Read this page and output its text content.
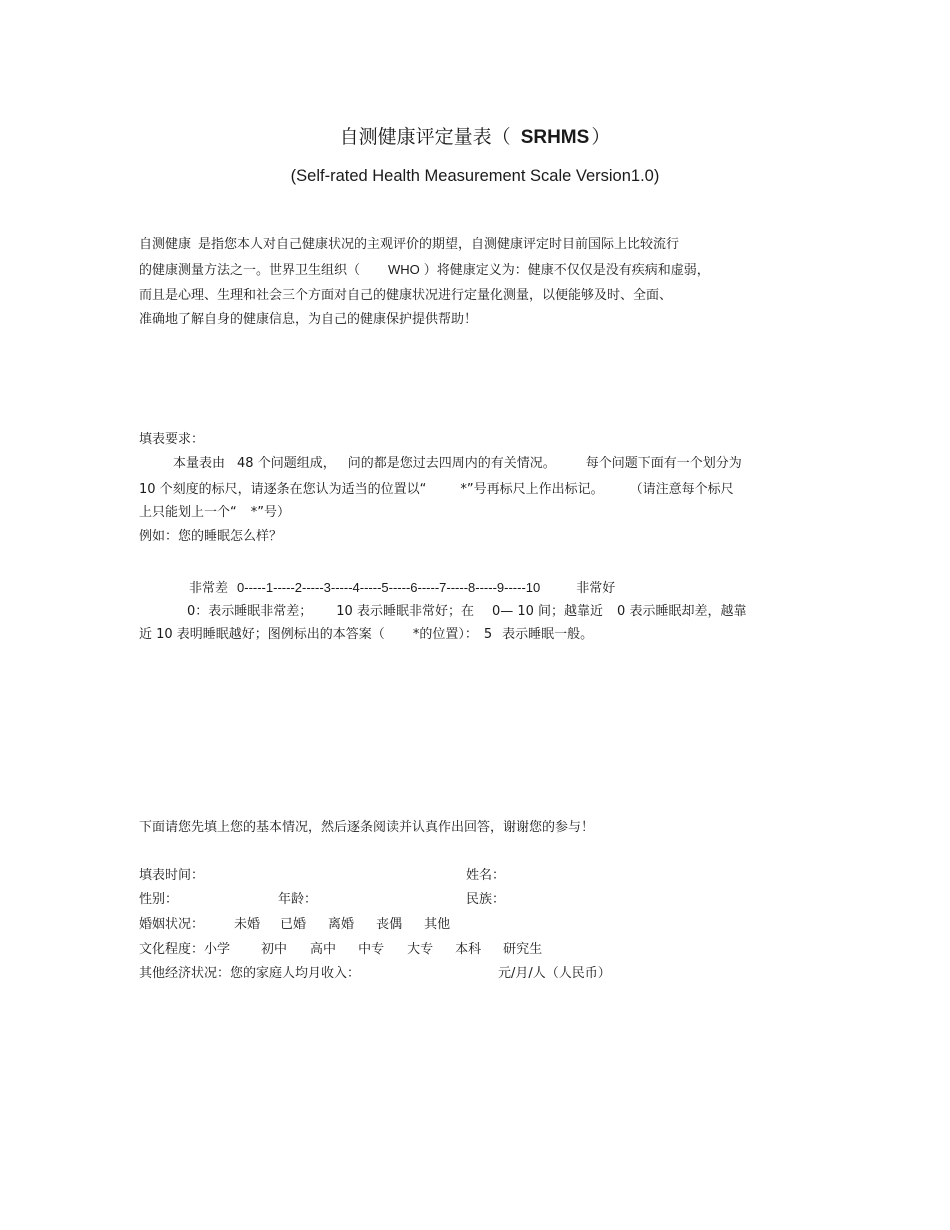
自测健康评定量表（ SRHMS ）
(Self-rated Health Measurement Scale Version1.0)
自测健康 是指您本人对自己健康状况的主观评价的期望，自测健康评定时目前国际上比较流行
的健康测量方法之一。世界卫生组织（ WHO ）将健康定义为：健康不仅仅是没有疾病和虚弱，
而且是心理、生理和社会三个方面对自己的健康状况进行定量化测量，以便能够及时、全面、
准确地了解自身的健康信息，为自己的健康保护提供帮助！
填表要求：
本量表由 48 个问题组成， 问的都是您过去四周内的有关情况。 每个问题下面有一个划分为
10 个刻度的标尺，请逐条在您认为适当的位置以“	*”号再标尺上作出标记。 （请注意每个标尺
上只能划上一个“ *”号）
例如：您的睡眠怎么样？
非常差 0-----1-----2-----3-----4-----5-----6-----7-----8-----9-----10	非常好
0：表示睡眠非常差； 10 表示睡眠非常好；在 0— 10 间；越靠近 0 表示睡眠却差，越靠
近 10 表明睡眠越好；图例标出的本答案（ *的位置）： 5 表示睡眠一般。
下面请您先填上您的基本情况，然后逐条阅读并认真作出回答，谢谢您的参与！
填表时间：	姓名：
性别：	年龄：	民族：
婚姻状况： 未婚 已婚 离婚 丧偶 其他
文化程度：小学 初中 高中 中专 大专 本科 研究生
其他经济状况：您的家庭人均月收入：	元/月/人（人民币）
